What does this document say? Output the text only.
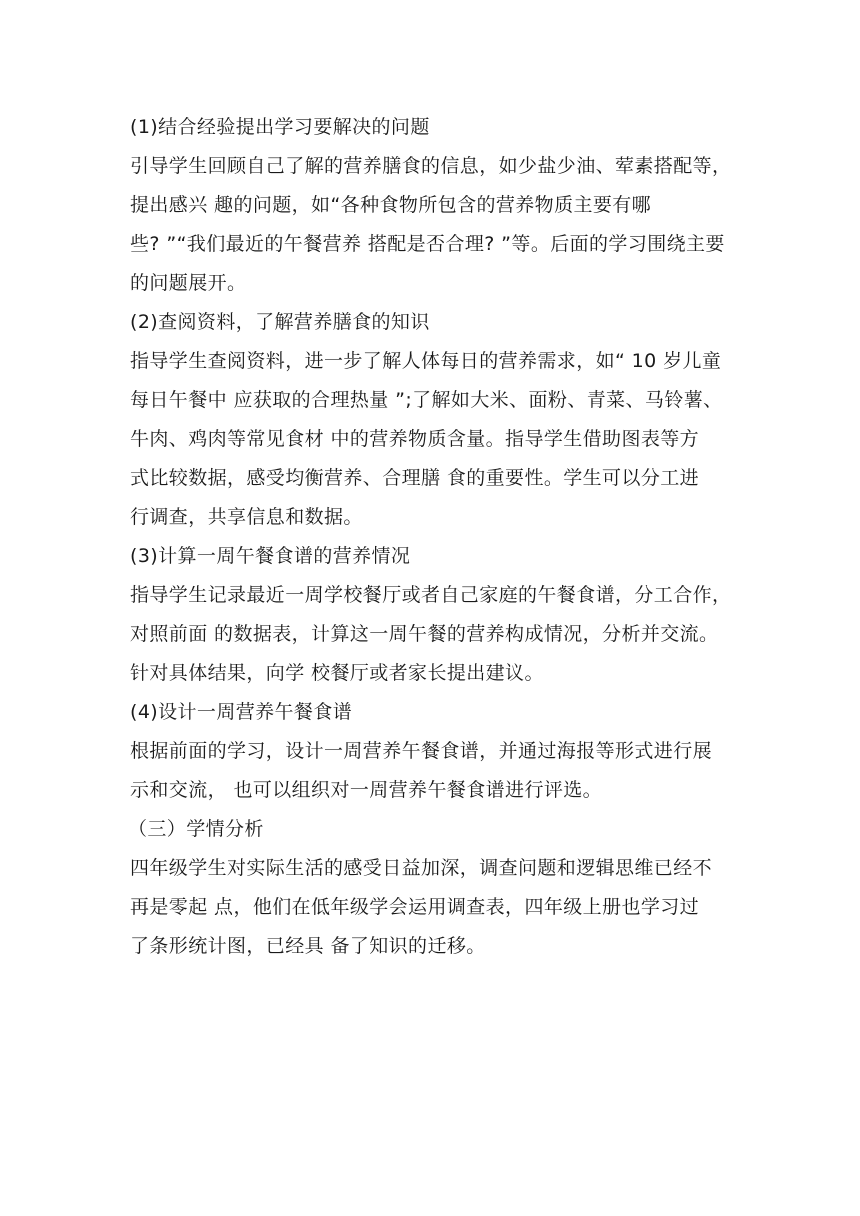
(1)结合经验提出学习要解决的问题

引导学生回顾自己了解的营养膳食的信息，如少盐少油、荤素搭配等，

提出感兴 趣的问题，如“各种食物所包含的营养物质主要有哪

些? ”“我们最近的午餐营养 搭配是否合理? ”等。后面的学习围绕主要

的问题展开。

(2)查阅资料，了解营养膳食的知识

指导学生查阅资料，进一步了解人体每日的营养需求，如“ 10 岁儿童

每日午餐中 应获取的合理热量 ”;了解如大米、面粉、青菜、马铃薯、

牛肉、鸡肉等常见食材 中的营养物质含量。指导学生借助图表等方

式比较数据，感受均衡营养、合理膳 食的重要性。学生可以分工进

行调查，共享信息和数据。

(3)计算一周午餐食谱的营养情况

指导学生记录最近一周学校餐厅或者自己家庭的午餐食谱，分工合作，

对照前面 的数据表，计算这一周午餐的营养构成情况，分析并交流。

针对具体结果，向学 校餐厅或者家长提出建议。

(4)设计一周营养午餐食谱

根据前面的学习，设计一周营养午餐食谱，并通过海报等形式进行展

示和交流， 也可以组织对一周营养午餐食谱进行评选。

（三）学情分析

四年级学生对实际生活的感受日益加深，调查问题和逻辑思维已经不

再是零起 点，他们在低年级学会运用调查表，四年级上册也学习过

了条形统计图，已经具 备了知识的迁移。
